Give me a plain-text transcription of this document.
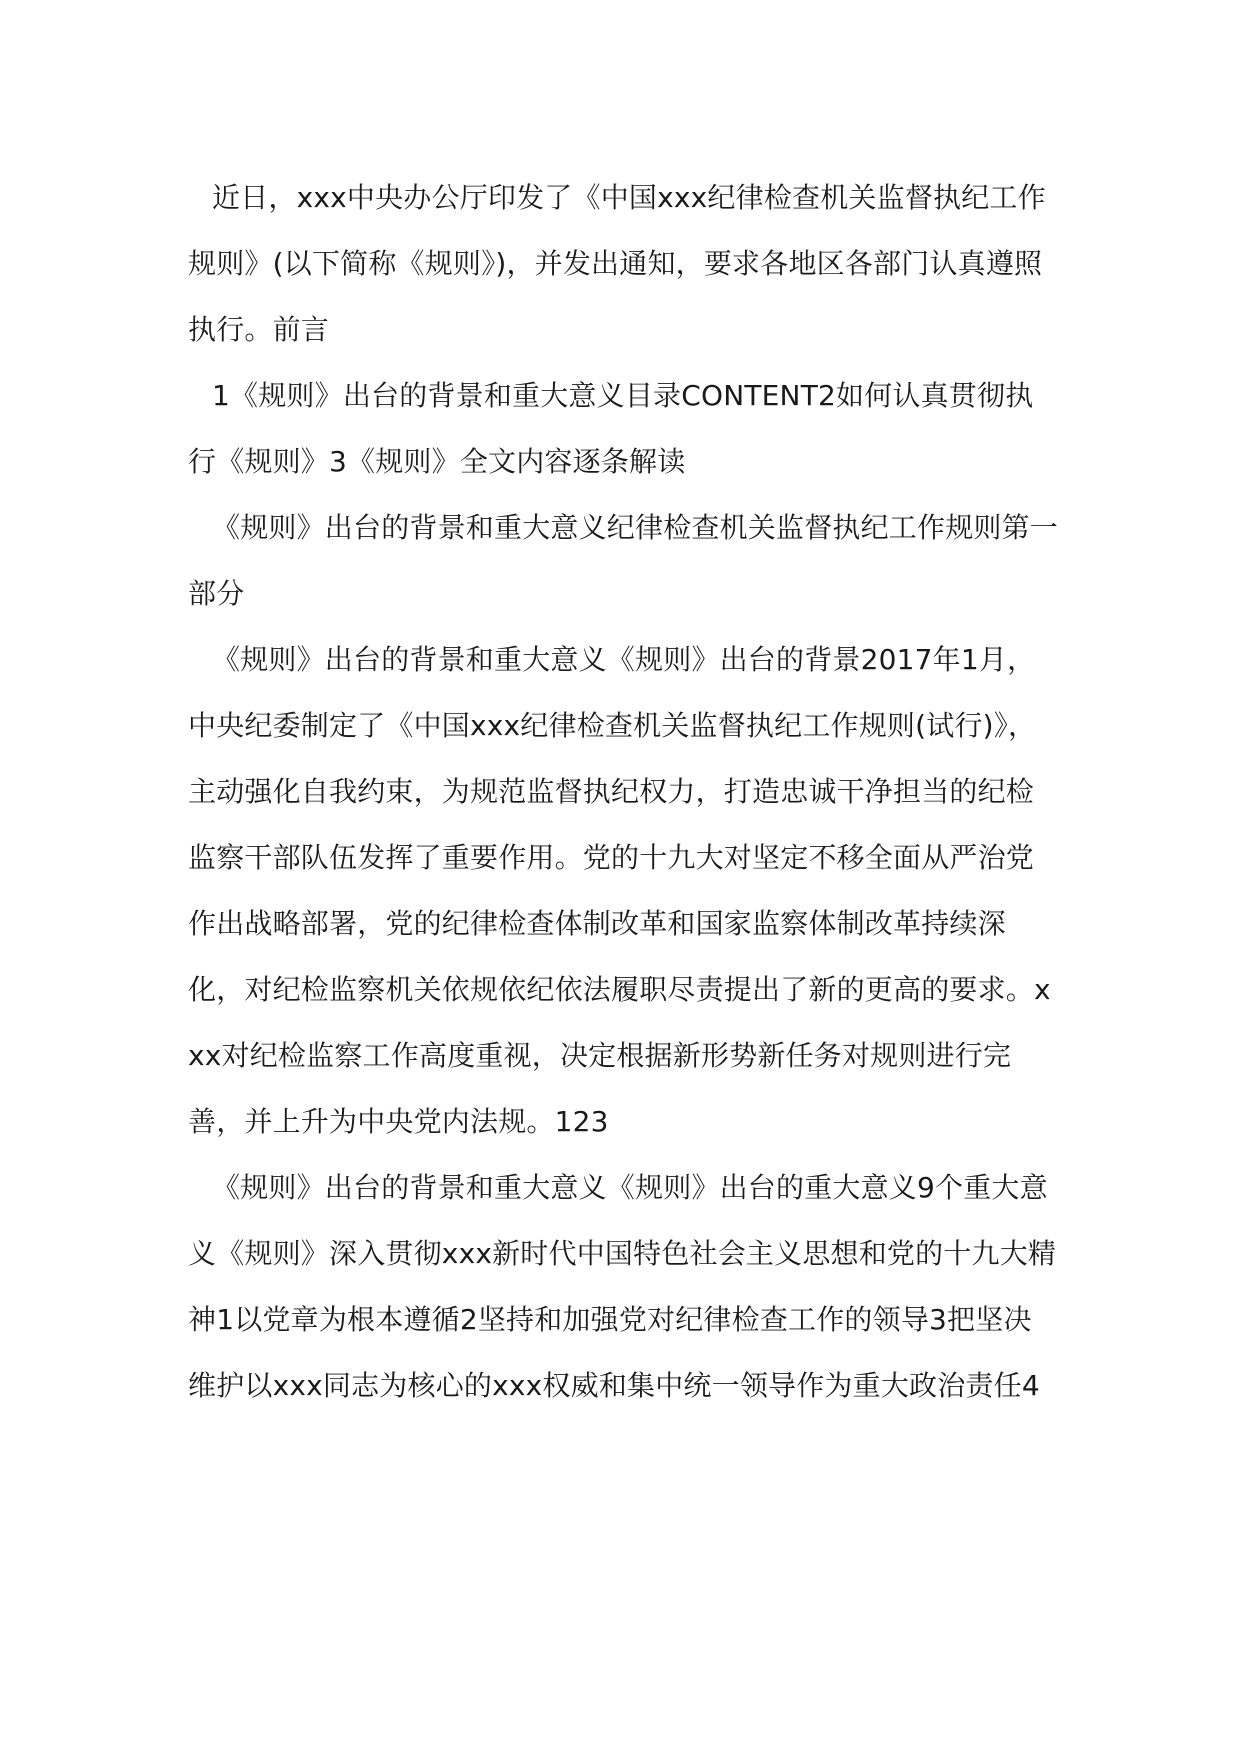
近日，xxx中央办公厅印发了《中国xxx纪律检查机关监督执纪工作规则》(以下简称《规则》)，并发出通知，要求各地区各部门认真遵照执行。前言

1《规则》出台的背景和重大意义目录CONTENT2如何认真贯彻执行《规则》3《规则》全文内容逐条解读

《规则》出台的背景和重大意义纪律检查机关监督执纪工作规则第一部分

《规则》出台的背景和重大意义《规则》出台的背景2017年1月，中央纪委制定了《中国xxx纪律检查机关监督执纪工作规则(试行)》，主动强化自我约束，为规范监督执纪权力，打造忠诚干净担当的纪检监察干部队伍发挥了重要作用。党的十九大对坚定不移全面从严治党作出战略部署，党的纪律检查体制改革和国家监察体制改革持续深化，对纪检监察机关依规依纪依法履职尽责提出了新的更高的要求。xxx对纪检监察工作高度重视，决定根据新形势新任务对规则进行完善，并上升为中央党内法规。123

《规则》出台的背景和重大意义《规则》出台的重大意义9个重大意义《规则》深入贯彻xxx新时代中国特色社会主义思想和党的十九大精神1以党章为根本遵循2坚持和加强党对纪律检查工作的领导3把坚决维护以xxx同志为核心的xxx权威和集中统一领导作为重大政治责任4
